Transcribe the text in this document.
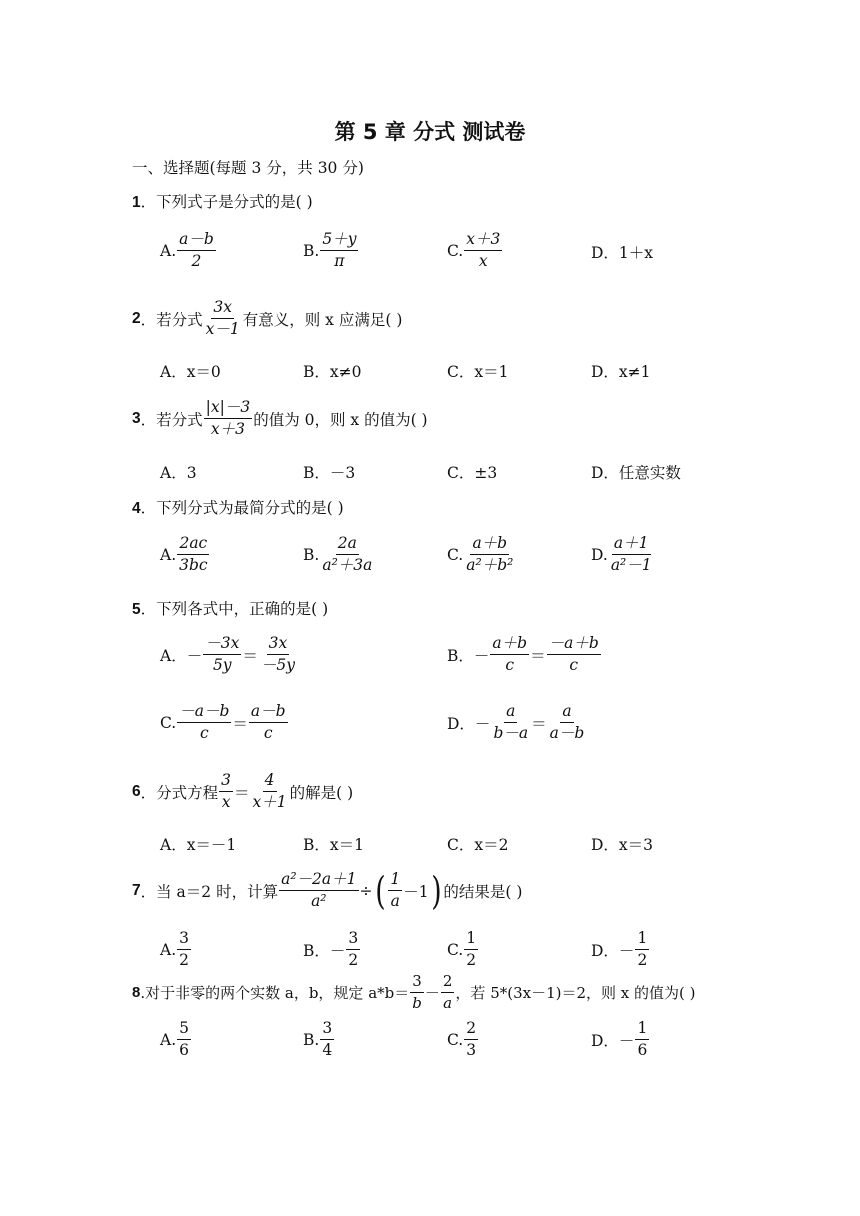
第 5 章 分式 测试卷
一、选择题(每题 3 分，共 30 分)
1．下列式子是分式的是( )
A. $\frac{a-b}{2}$	B. $\frac{5+y}{\pi}$	C. $\frac{x+3}{x}$	D．1＋x
2 ．若分式 $\frac{3x}{x-1}$ 有意义，则 x 应满足( )
A．x＝0	B．x≠0	C．x＝1	D．x≠1
3 ．若分式 $\frac{|x|-3}{x+3}$ 的值为 0，则 x 的值为( )
A．3	B．－3	C．±3	D．任意实数
4．下列分式为最简分式的是( )
A. $\frac{2ac}{3bc}$	B. $\frac{2a}{\text{a²＋3a}}$	C. $\frac{a+b}{\text{a²＋b²}}$	D. $\frac{a+1}{\text{a²－1}}$
5．下列各式中，正确的是( )
A．－ $\frac{-3x}{5y} = \frac{3x}{-5y}$	B．－ $\frac{a+b}{c} = \frac{-a+b}{c}$
C. $\frac{-a-b}{c} = \frac{a-b}{c}$	D．－ $\frac{a}{b-a} = \frac{a}{a-b}$
6 ．分式方程 $\frac{3}{x} = \frac{4}{x+1}$ 的解是( )
A．x＝－1	B．x＝1	C．x＝2	D．x＝3
7 ．当 a＝2 时，计算 $\frac{\text{a²－2a＋1}}{\text{a²}}$ ÷ ( $\frac{1}{a} -1$ ) 的结果是( )
A. $\frac{3}{2}$	B．－ $\frac{3}{2}$	C. $\frac{1}{2}$	D．－ $\frac{1}{2}$
8 .对于非零的两个实数 a，b，规定 $a*b= \frac{3}{b} - \frac{2}{a}$ ，若 5*(3x－1)＝2，则 x 的值为( )
A. $\frac{5}{6}$	B. $\frac{3}{4}$	C. $\frac{2}{3}$	D．－ $\frac{1}{6}$
